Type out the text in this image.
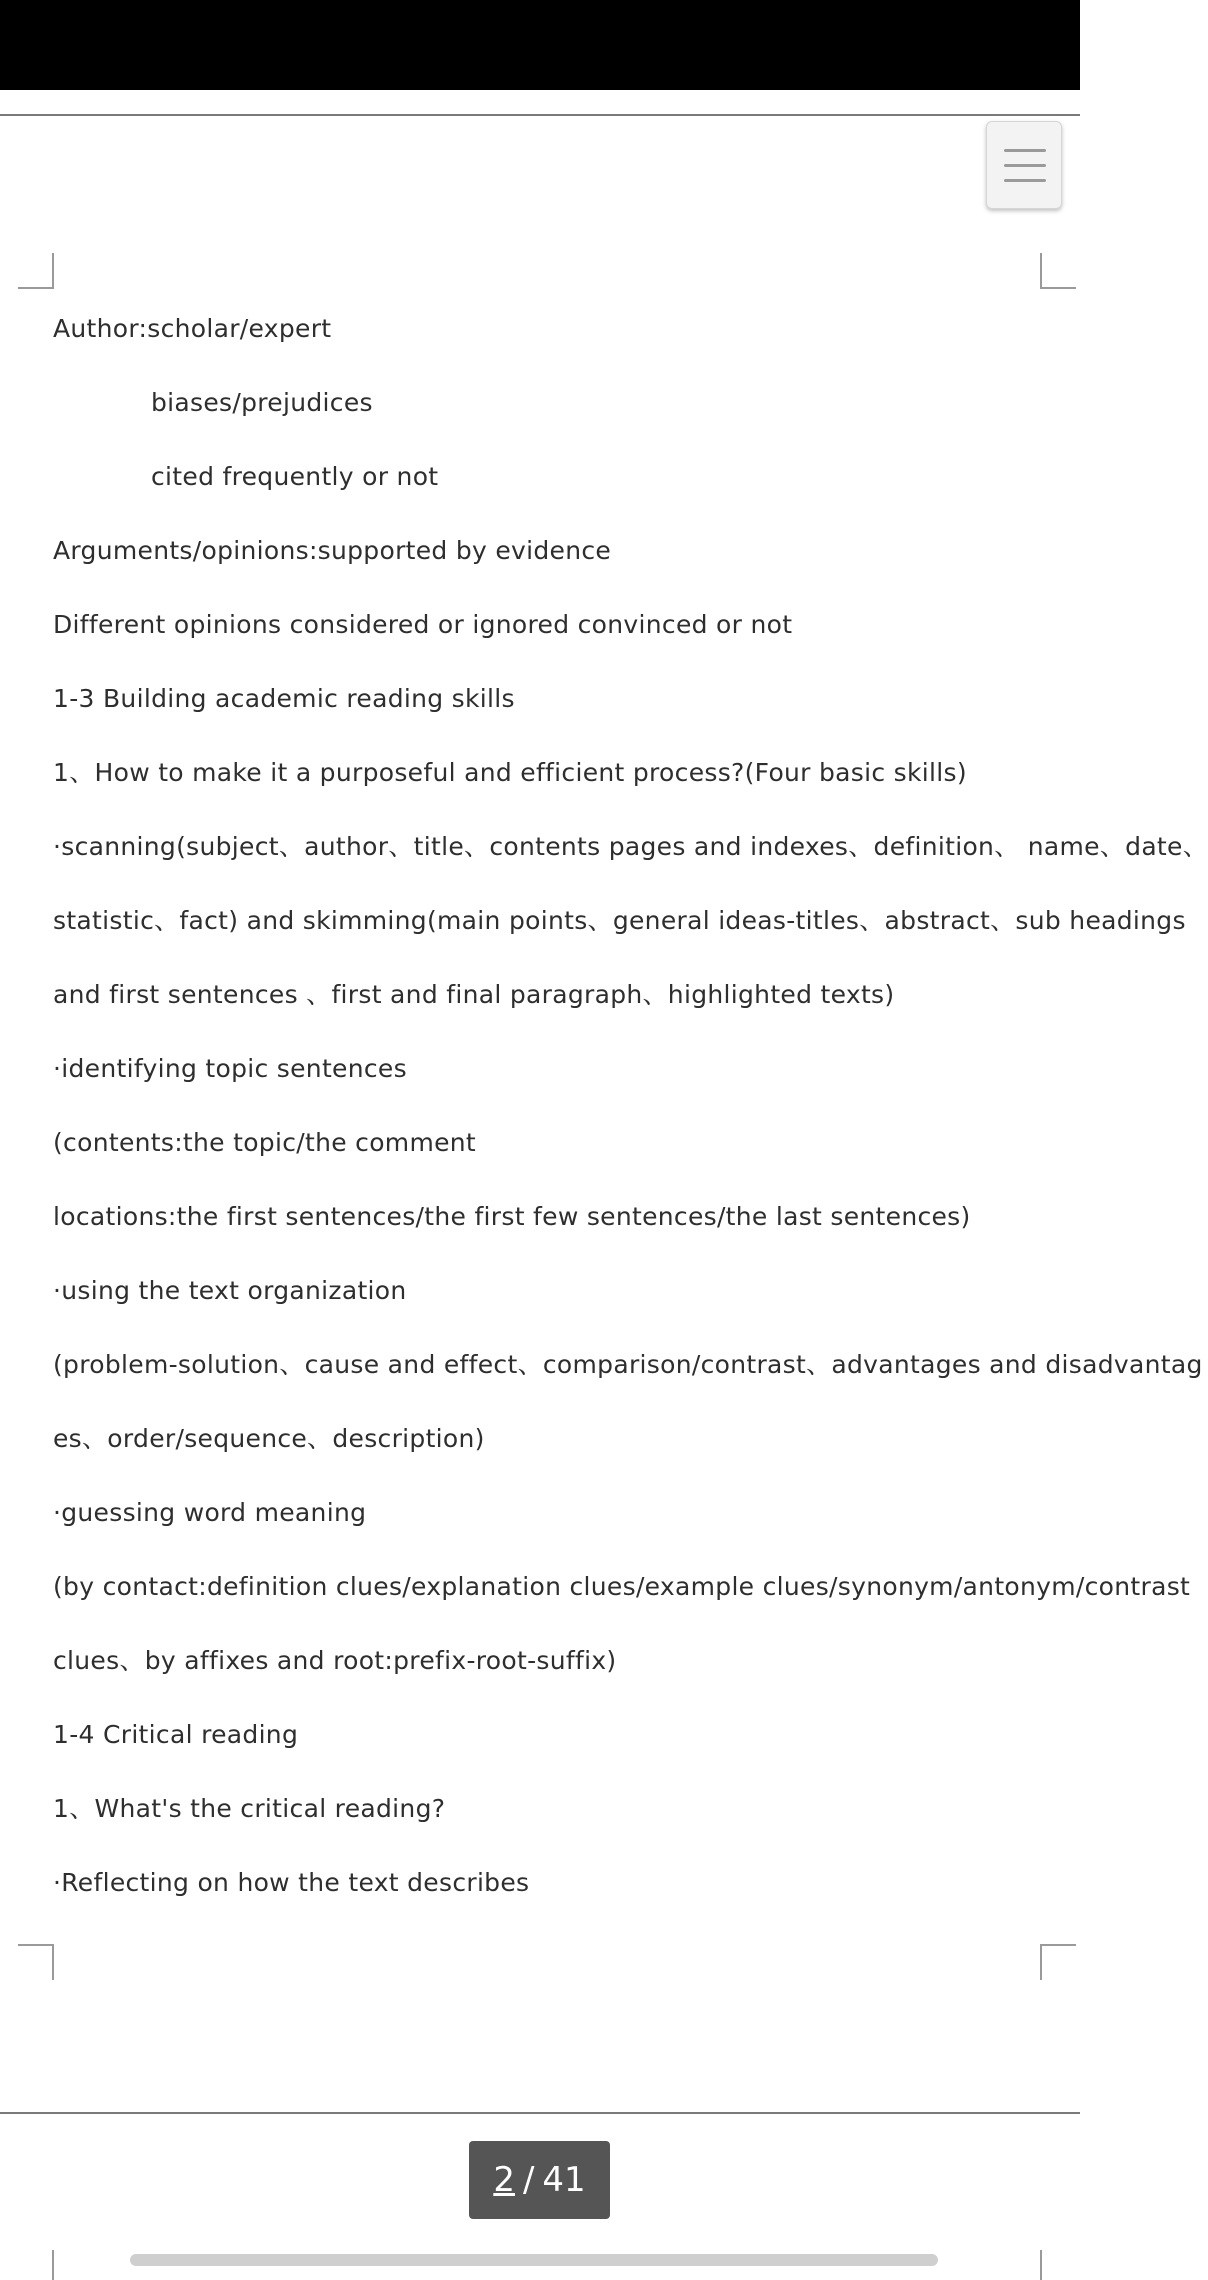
Author:scholar/expert
biases/prejudices
cited frequently or not
Arguments/opinions:supported by evidence
Different opinions considered or ignored convinced or not
1-3 Building academic reading skills
1、How to make it a purposeful and efficient process?(Four basic skills)
·scanning(subject、author、title、contents pages and indexes、definition、 name、date、
statistic、fact) and skimming(main points、general ideas-titles、abstract、sub headings
and first sentences 、first and final paragraph、highlighted texts)
·identifying topic sentences
(contents:the topic/the comment
locations:the first sentences/the first few sentences/the last sentences)
·using the text organization
(problem-solution、cause and effect、comparison/contrast、advantages and disadvantag
es、order/sequence、description)
·guessing word meaning
(by contact:definition clues/explanation clues/example clues/synonym/antonym/contrast
clues、by affixes and root:prefix-root-suffix)
1-4 Critical reading
1、What's the critical reading?
·Reflecting on how the text describes
2 / 41
